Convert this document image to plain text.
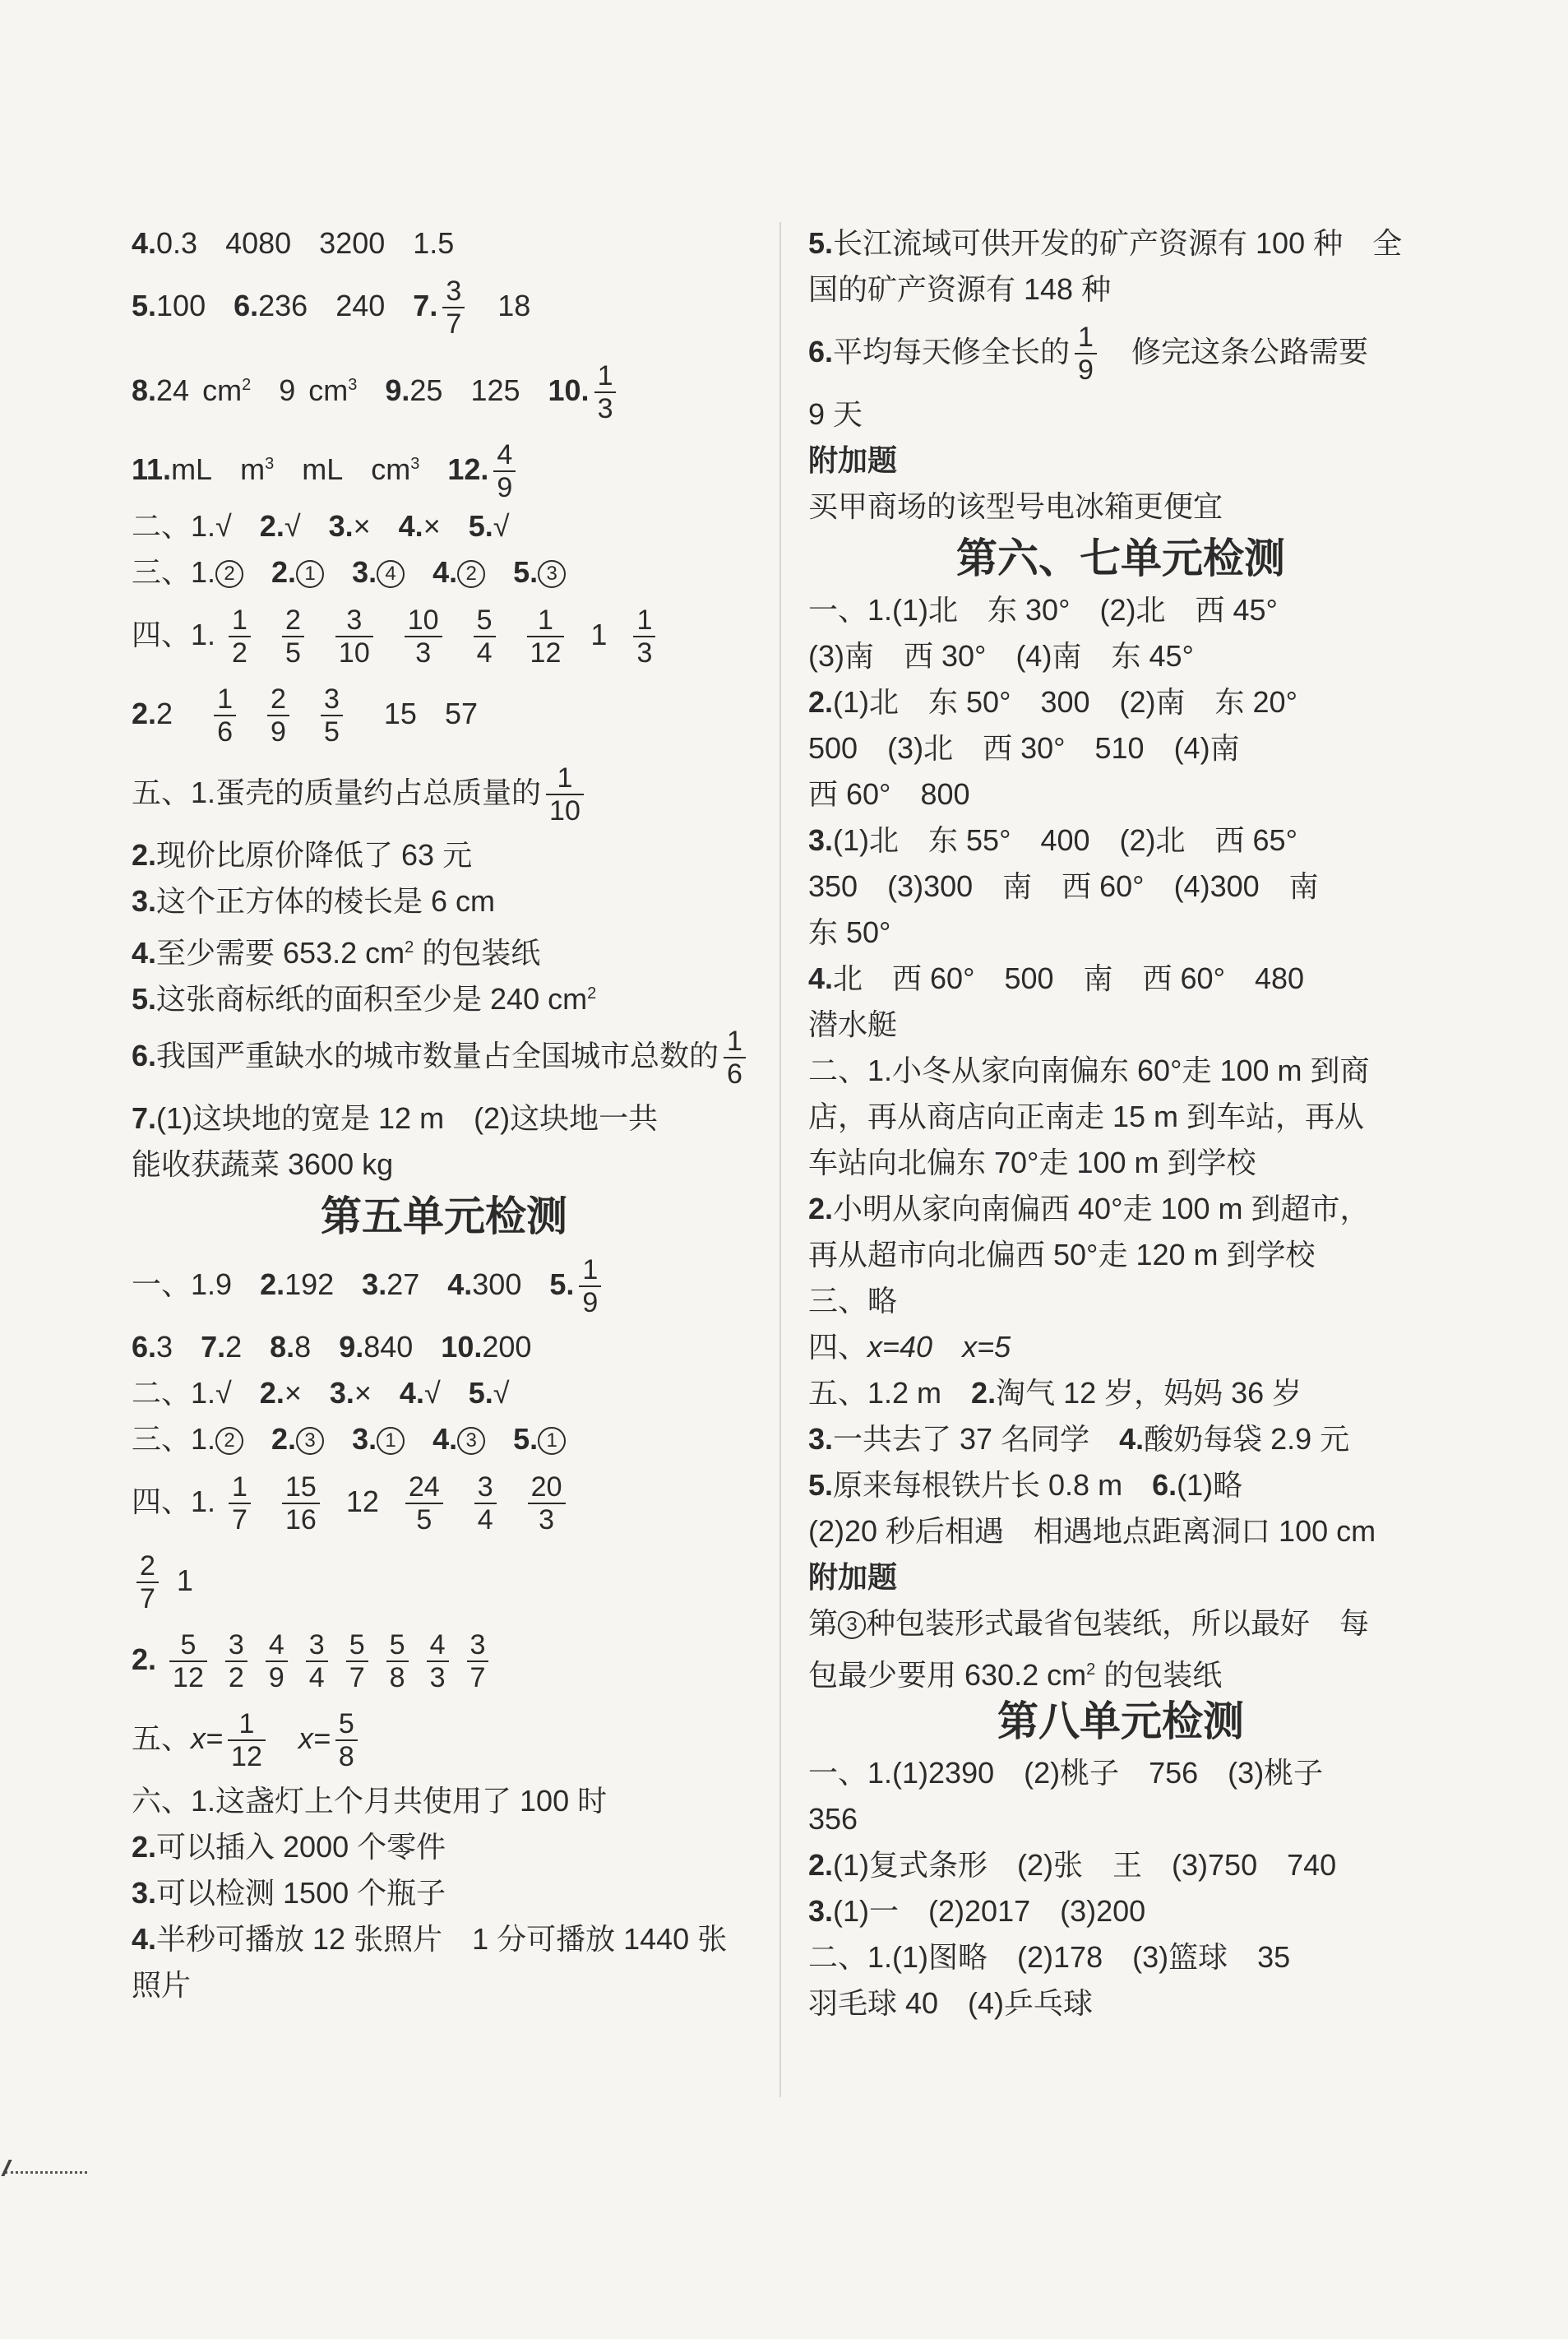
4.0.3 4080 3200 1.5
5.100 6.236 240 7. $\frac{3}{7} 18$
8.24 $cm^2$ 9 $cm^3$ 9.25 125 10. $\frac{1}{3}$
11.mL $m^3$ mL $cm^3$ 12. $\frac{4}{9}$
二、1.√ 2.√ 3.× 4.× 5.√
三、1. 2 2. 1 3. 4 4. 2 5. 3
四、1. $\frac{1}{2}$
$\frac{2}{5}$
$\frac{3}{10}$
$\frac{10}{3}$
$\frac{5}{4}$
$\frac{1}{12} 1 \frac{1}{3}$
$2.2 \frac{1}{6}$
$\frac{2}{9}$
$\frac{3}{5} 15$ 57
五、1.蛋壳的质量约占总质量的 $\frac{1}{10}$
2.现价比原价降低了 63 元
3.这个正方体的棱长是 6 cm
4.至少需要 653.2 $cm^2$ 的包装纸
5.这张商标纸的面积至少是 240 $cm^2$
6.我国严重缺水的城市数量占全国城市总数的 $\frac{1}{6}$
7.(1)这块地的宽是 12 m　(2)这块地一共
能收获蔬菜 3600 kg
第五单元检测
一、1.9 2.192 3.27 4.300 5. $\frac{1}{9}$
6.3 7.2 8.8 9.840 10.200
二、1.√ 2.× 3.× 4.√ 5.√
三、1. 2 2. 3 3. 1 4. 3 5. 1
四、1. $\frac{1}{7}$
$\frac{15}{16} 12 \frac{24}{5}$
$\frac{3}{4}$
$\frac{20}{3}$
$\frac{2}{7} 1$
2. $\frac{5}{12}$
$\frac{3}{2}$
$\frac{4}{9}$
$\frac{3}{4}$
$\frac{5}{7}$
$\frac{5}{8}$
$\frac{4}{3}$
$\frac{3}{7}$
五、$x= \frac{1}{12} x= \frac{5}{8}$
六、1.这盏灯上个月共使用了 100 时
2.可以插入 2000 个零件
3.可以检测 1500 个瓶子
4.半秒可播放 12 张照片　1 分可播放 1440 张
照片
5.长江流域可供开发的矿产资源有 100 种　全
国的矿产资源有 148 种
6.平均每天修全长的 $\frac{1}{9}$ 　修完这条公路需要
9 天
附加题
买甲商场的该型号电冰箱更便宜
第六、七单元检测
一、1.(1)北　东 30°　(2)北　西 45°
(3)南　西 30°　(4)南　东 45°
2.(1)北　东 50°　300　(2)南　东 20°
500　(3)北　西 30°　510　(4)南
西 60°　800
3.(1)北　东 55°　400　(2)北　西 65°
350　(3)300　南　西 60°　(4)300　南
东 50°
4.北　西 60°　500　南　西 60°　480
潜水艇
二、1.小冬从家向南偏东 60°走 100 m 到商
店，再从商店向正南走 15 m 到车站，再从
车站向北偏东 70°走 100 m 到学校
2.小明从家向南偏西 40°走 100 m 到超市，
再从超市向北偏西 50°走 120 m 到学校
三、略
四、x=40　x=5
五、1.2 m　2.淘气 12 岁，妈妈 36 岁
3.一共去了 37 名同学　4.酸奶每袋 2.9 元
5.原来每根铁片长 0.8 m　6.(1)略
(2)20 秒后相遇　相遇地点距离洞口 100 cm
附加题
第 3 种包装形式最省包装纸，所以最好　每
包最少要用 630.2 $cm^2$ 的包装纸
第八单元检测
一、1.(1)2390　(2)桃子　756　(3)桃子
356
2.(1)复式条形　(2)张　王　(3)750　740
3.(1)一　(2)2017　(3)200
二、1.(1)图略　(2)178　(3)篮球　35
羽毛球 40　(4)乒乓球
